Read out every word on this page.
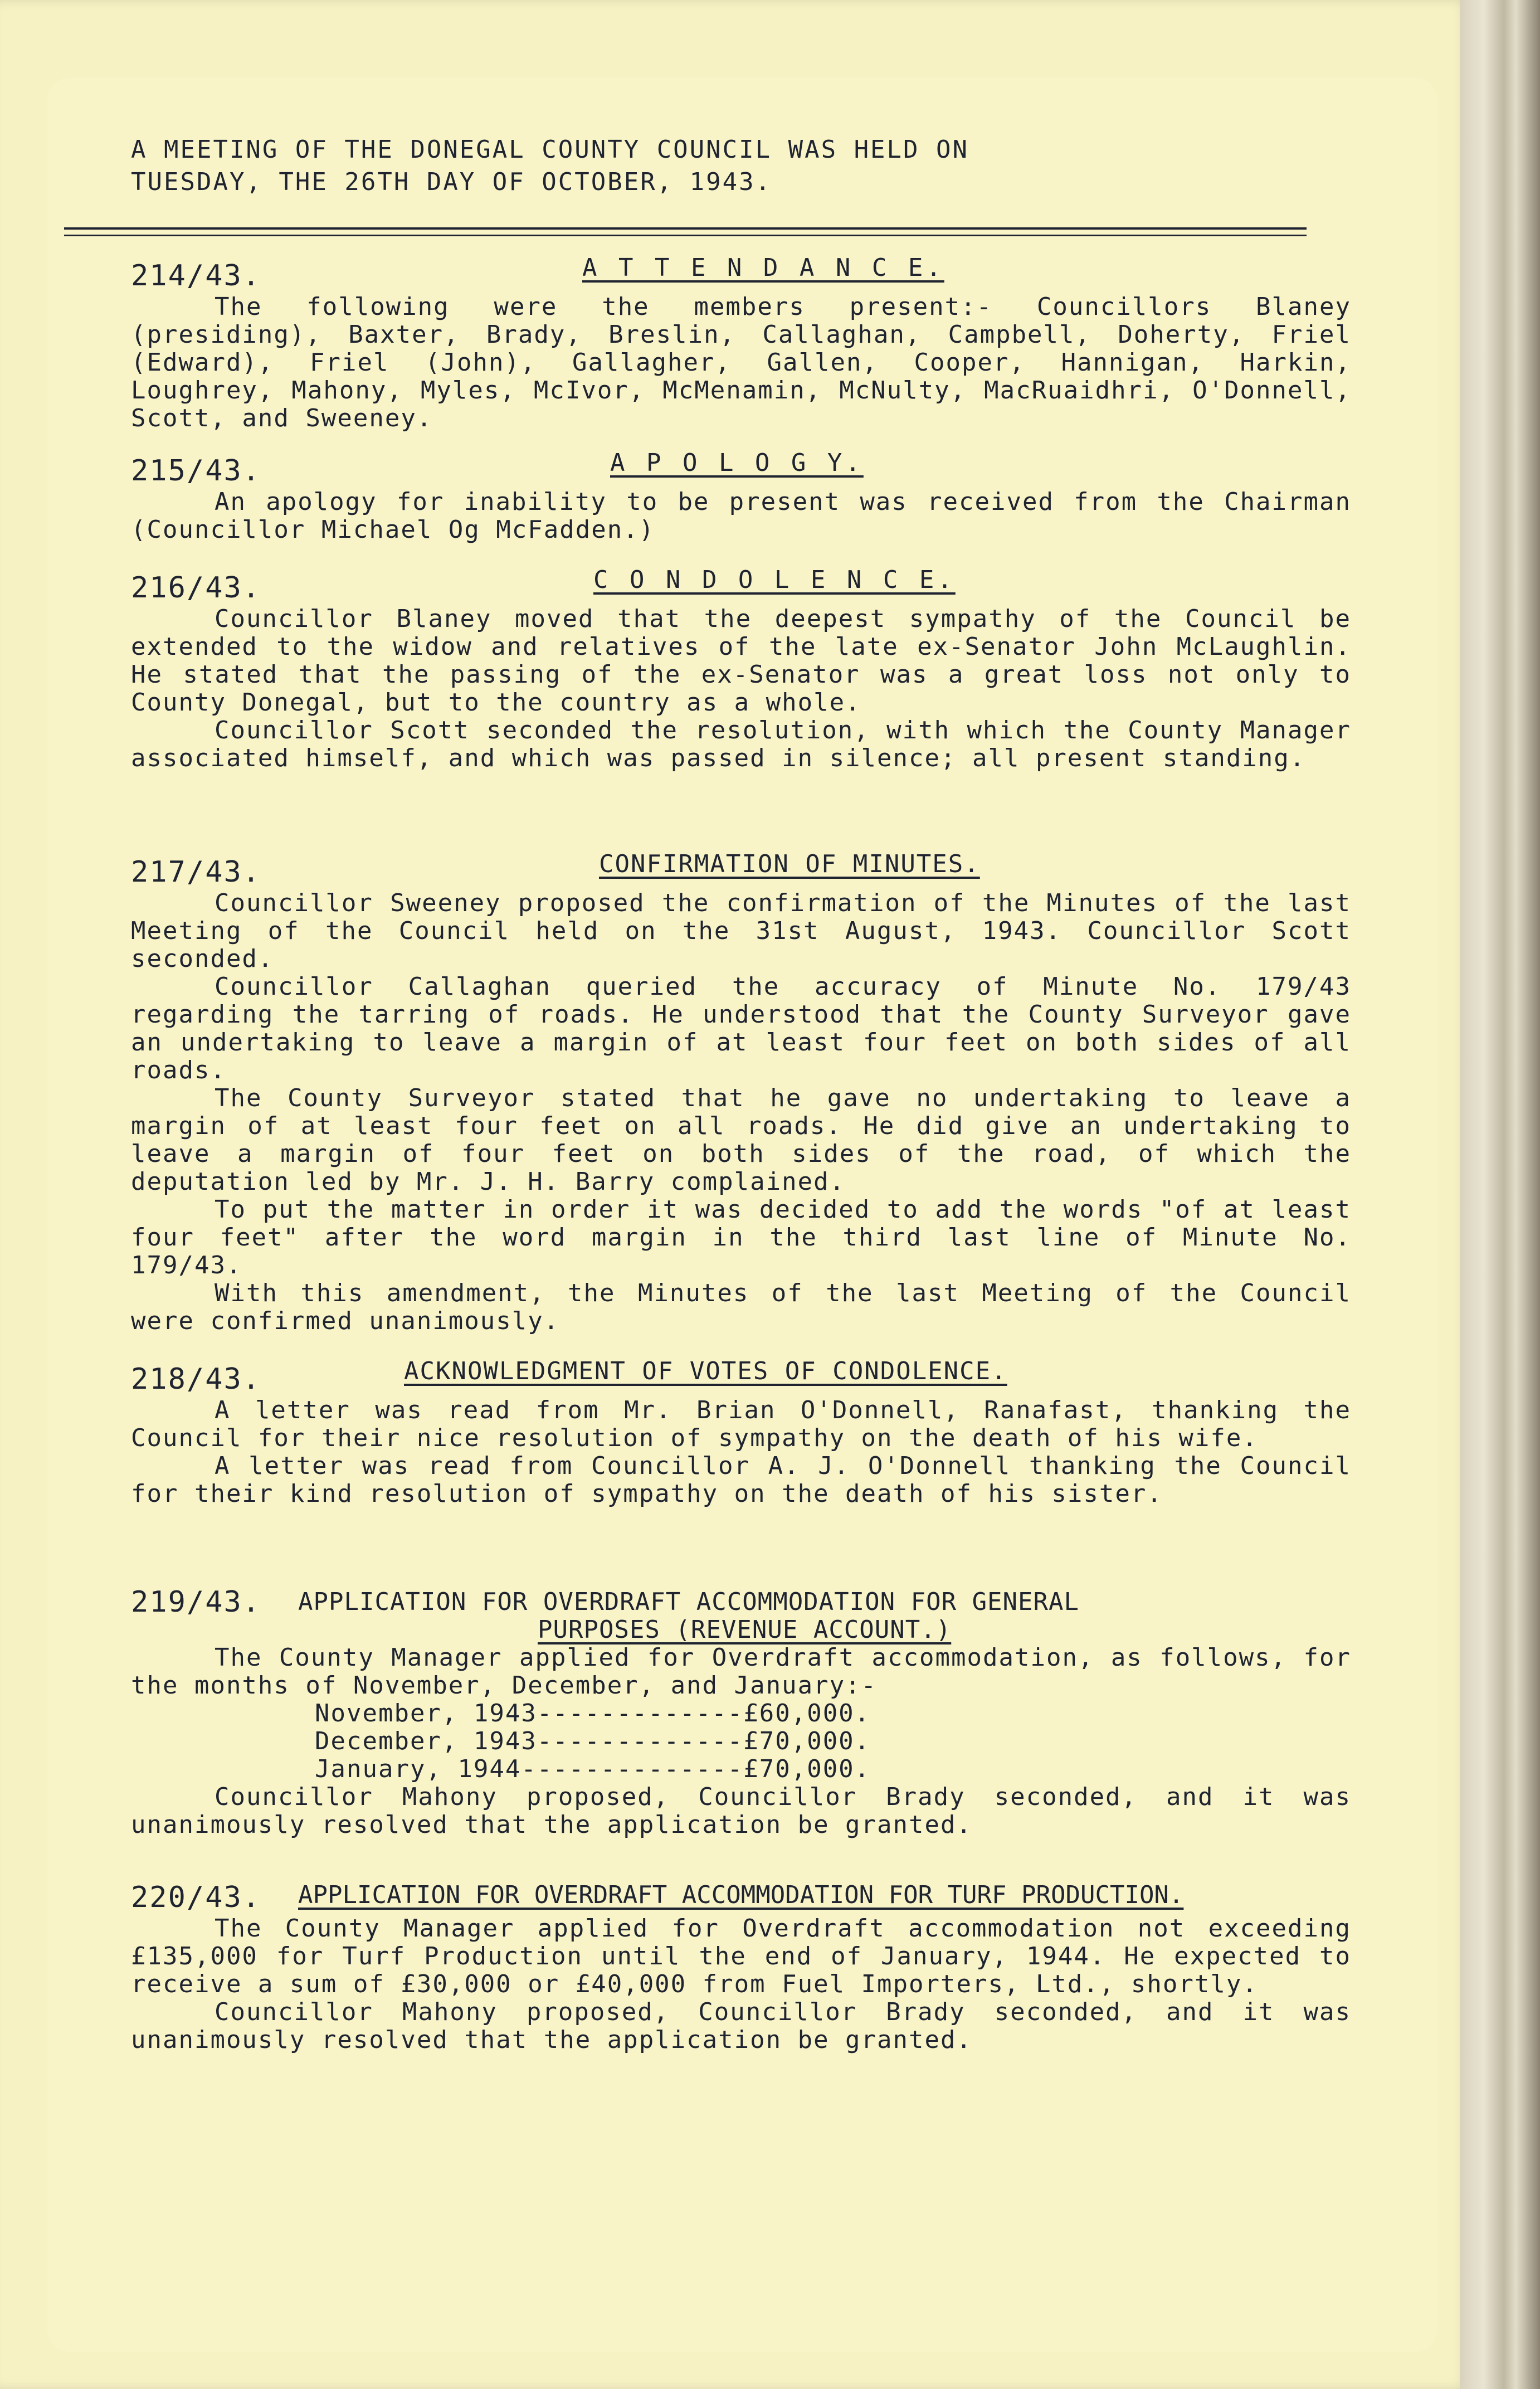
A MEETING OF THE DONEGAL COUNTY COUNCIL WAS HELD ON
TUESDAY, THE 26TH DAY OF OCTOBER, 1943.
214/43.	A T T E N D A N C E.

The following were the members present:- Councillors Blaney (presiding), Baxter, Brady, Breslin, Callaghan, Campbell, Doherty, Friel (Edward), Friel (John), Gallagher, Gallen, Cooper, Hannigan, Harkin, Loughrey, Mahony, Myles, McIvor, McMenamin, McNulty, MacRuaidhri, O'Donnell, Scott, and Sweeney.

215/43.	A P O L O G Y.

An apology for inability to be present was received from the Chairman (Councillor Michael Og McFadden.)

216/43.	C O N D O L E N C E.

Councillor Blaney moved that the deepest sympathy of the Council be extended to the widow and relatives of the late ex-Senator John McLaughlin. He stated that the passing of the ex-Senator was a great loss not only to County Donegal, but to the country as a whole.

Councillor Scott seconded the resolution, with which the County Manager associated himself, and which was passed in silence; all present standing.

217/43.	CONFIRMATION OF MINUTES.

Councillor Sweeney proposed the confirmation of the Minutes of the last Meeting of the Council held on the 31st August, 1943. Councillor Scott seconded.

Councillor Callaghan queried the accuracy of Minute No. 179/43 regarding the tarring of roads. He understood that the County Surveyor gave an undertaking to leave a margin of at least four feet on both sides of all roads.

The County Surveyor stated that he gave no undertaking to leave a margin of at least four feet on all roads. He did give an undertaking to leave a margin of four feet on both sides of the road, of which the deputation led by Mr. J. H. Barry complained.

To put the matter in order it was decided to add the words "of at least four feet" after the word margin in the third last line of Minute No. 179/43.

With this amendment, the Minutes of the last Meeting of the Council were confirmed unanimously.

218/43.	ACKNOWLEDGMENT OF VOTES OF CONDOLENCE.

A letter was read from Mr. Brian O'Donnell, Ranafast, thanking the Council for their nice resolution of sympathy on the death of his wife.

A letter was read from Councillor A. J. O'Donnell thanking the Council for their kind resolution of sympathy on the death of his sister.

219/43. APPLICATION FOR OVERDRAFT ACCOMMODATION FOR GENERAL
PURPOSES (REVENUE ACCOUNT.)

The County Manager applied for Overdraft accommodation, as follows, for the months of November, December, and January:-

November, 1943-------------£60,000.
December, 1943-------------£70,000.
January, 1944--------------£70,000.

Councillor Mahony proposed, Councillor Brady seconded, and it was unanimously resolved that the application be granted.

220/43. APPLICATION FOR OVERDRAFT ACCOMMODATION FOR TURF PRODUCTION.

The County Manager applied for Overdraft accommodation not exceeding £135,000 for Turf Production until the end of January, 1944. He expected to receive a sum of £30,000 or £40,000 from Fuel Importers, Ltd., shortly.

Councillor Mahony proposed, Councillor Brady seconded, and it was unanimously resolved that the application be granted.
